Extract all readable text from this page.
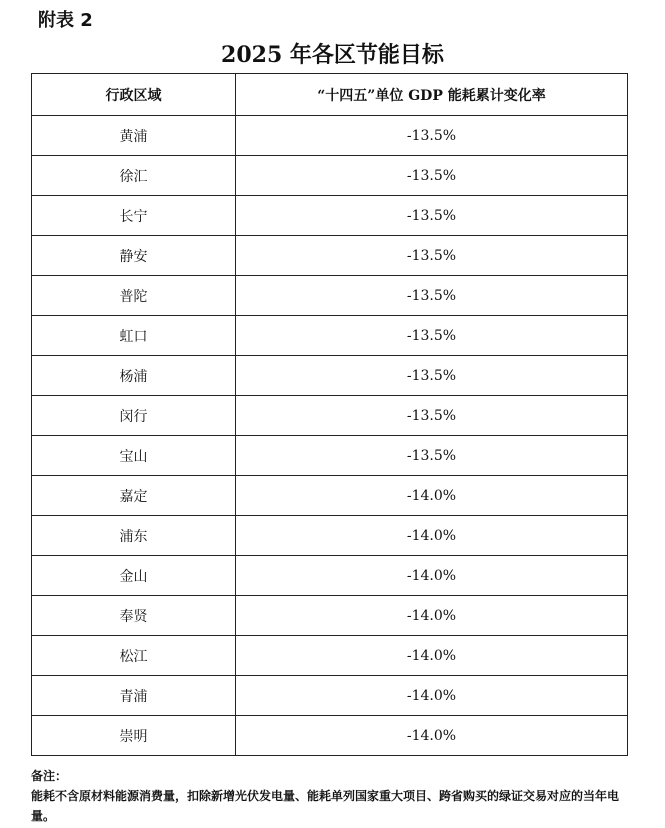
附表 2
2025 年各区节能目标
行政区域	“十四五”单位 GDP 能耗累计变化率
黄浦	-13.5%
徐汇	-13.5%
长宁	-13.5%
静安	-13.5%
普陀	-13.5%
虹口	-13.5%
杨浦	-13.5%
闵行	-13.5%
宝山	-13.5%
嘉定	-14.0%
浦东	-14.0%
金山	-14.0%
奉贤	-14.0%
松江	-14.0%
青浦	-14.0%
崇明	-14.0%
备注：
能耗不含原材料能源消费量，扣除新增光伏发电量、能耗单列国家重大项目、跨省购买的绿证交易对应的当年电量。
